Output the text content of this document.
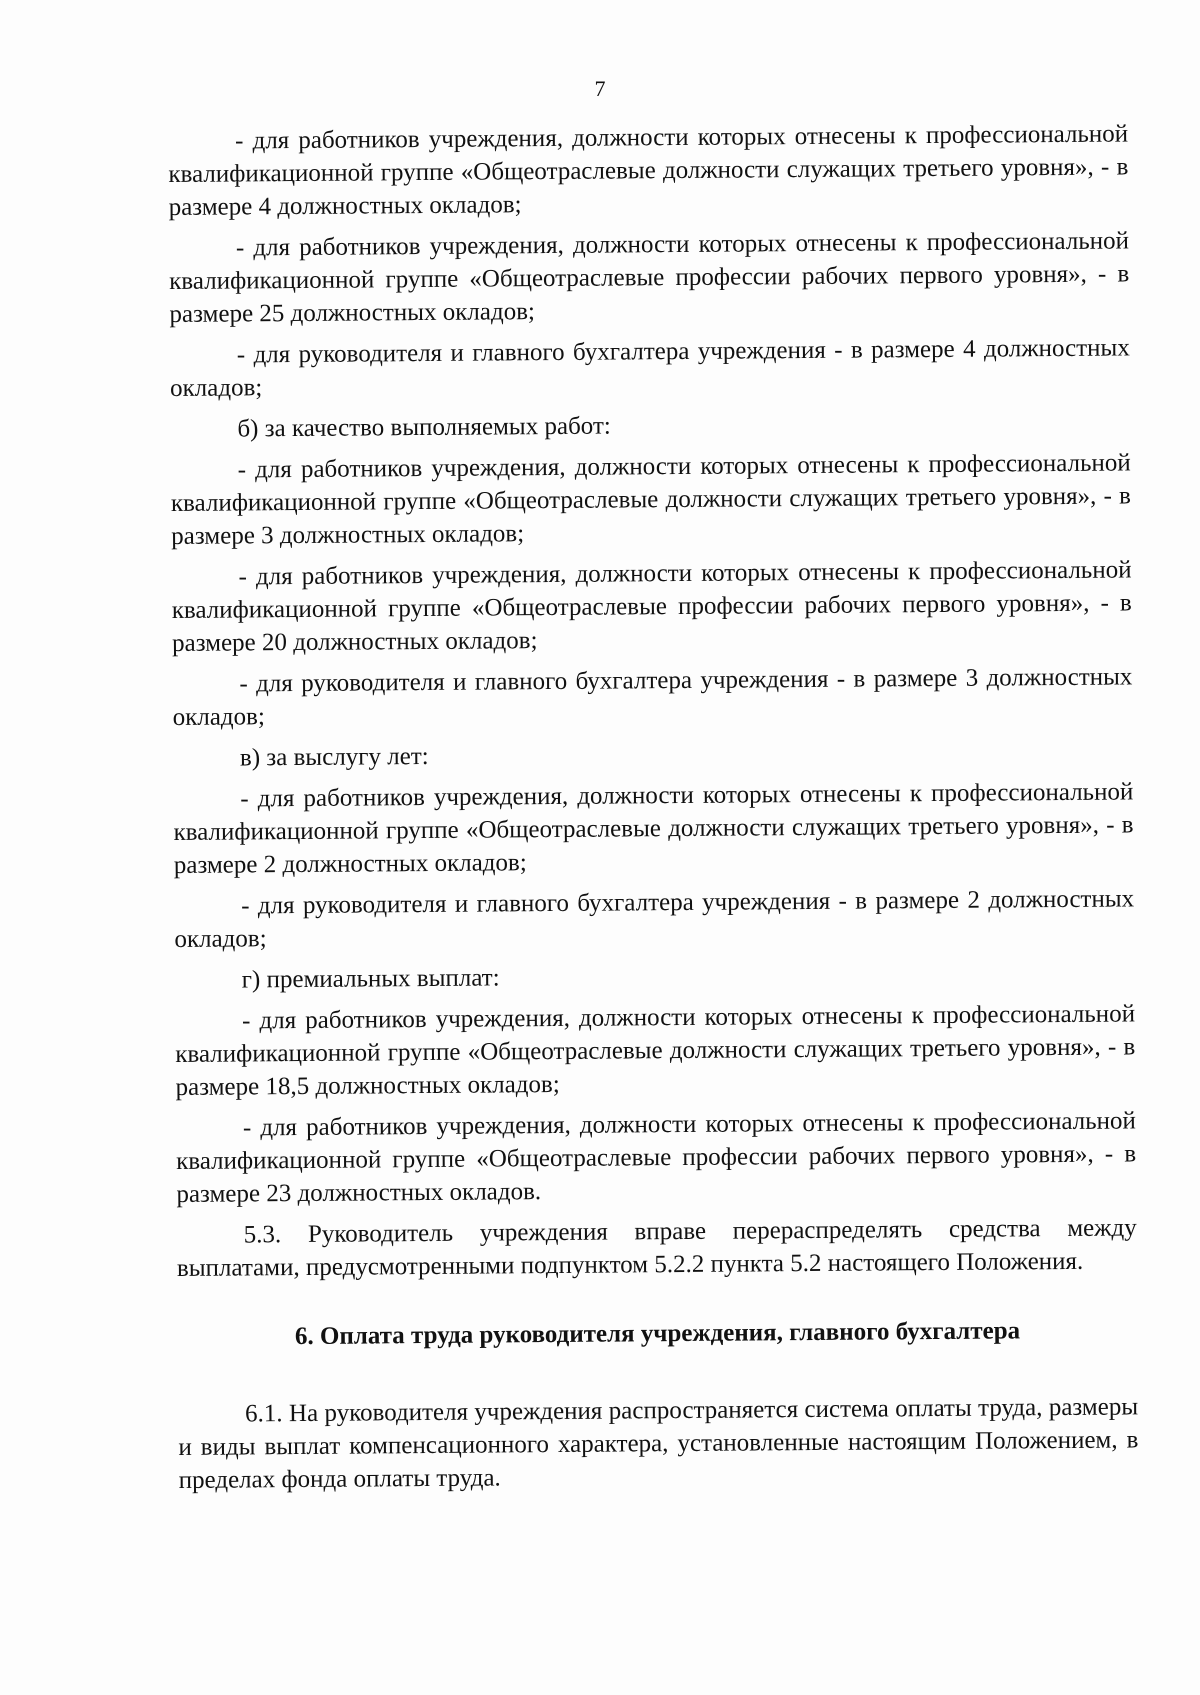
7

- для работников учреждения, должности которых отнесены к профессиональной квалификационной группе «Общеотраслевые должности служащих третьего уровня», - в размере 4 должностных окладов;

- для работников учреждения, должности которых отнесены к профессиональной квалификационной группе «Общеотраслевые профессии рабочих первого уровня», - в размере 25 должностных окладов;

- для руководителя и главного бухгалтера учреждения - в размере 4 должностных окладов;

б) за качество выполняемых работ:

- для работников учреждения, должности которых отнесены к профессиональной квалификационной группе «Общеотраслевые должности служащих третьего уровня», - в размере 3 должностных окладов;

- для работников учреждения, должности которых отнесены к профессиональной квалификационной группе «Общеотраслевые профессии рабочих первого уровня», - в размере 20 должностных окладов;

- для руководителя и главного бухгалтера учреждения - в размере 3 должностных окладов;

в) за выслугу лет:

- для работников учреждения, должности которых отнесены к профессиональной квалификационной группе «Общеотраслевые должности служащих третьего уровня», - в размере 2 должностных окладов;

- для руководителя и главного бухгалтера учреждения - в размере 2 должностных окладов;

г) премиальных выплат:

- для работников учреждения, должности которых отнесены к профессиональной квалификационной группе «Общеотраслевые должности служащих третьего уровня», - в размере 18,5 должностных окладов;

- для работников учреждения, должности которых отнесены к профессиональной квалификационной группе «Общеотраслевые профессии рабочих первого уровня», - в размере 23 должностных окладов.

5.3. Руководитель учреждения вправе перераспределять средства между выплатами, предусмотренными подпунктом 5.2.2 пункта 5.2 настоящего Положения.

6. Оплата труда руководителя учреждения, главного бухгалтера

6.1. На руководителя учреждения распространяется система оплаты труда, размеры и виды выплат компенсационного характера, установленные настоящим Положением, в пределах фонда оплаты труда.
